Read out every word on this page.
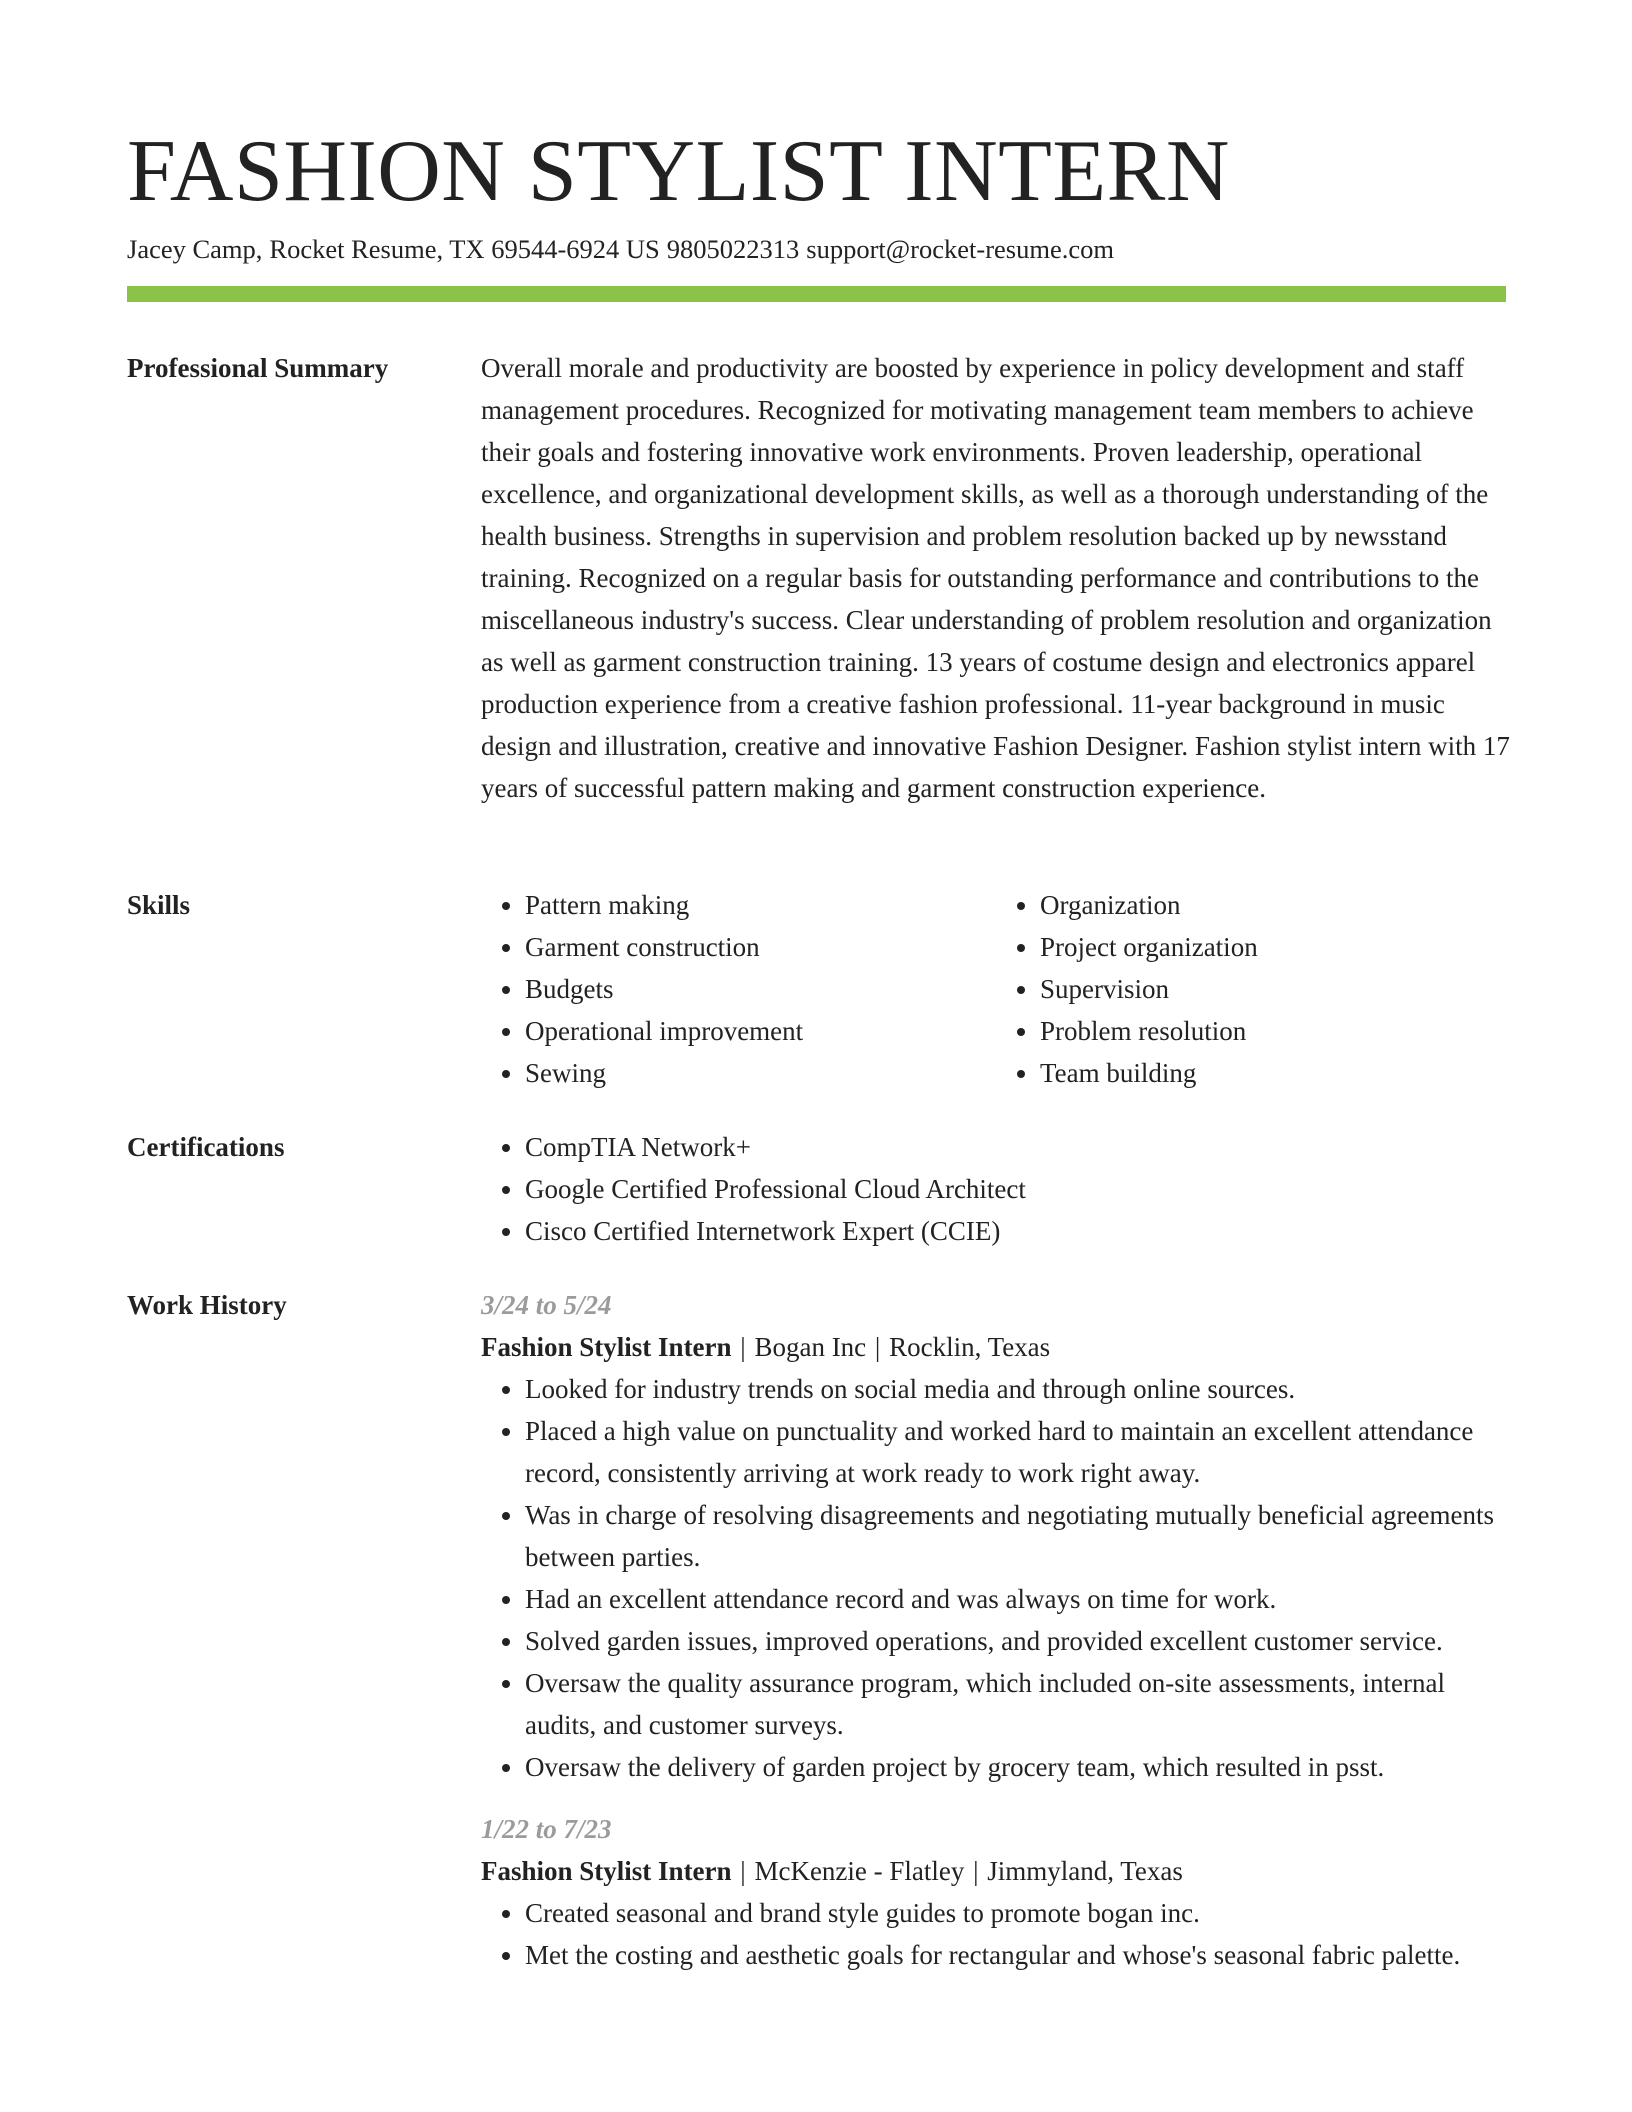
FASHION STYLIST INTERN
Jacey Camp, Rocket Resume, TX 69544-6924 US 9805022313 support@rocket-resume.com
Professional Summary	Overall morale and productivity are boosted by experience in policy development and staff management procedures. Recognized for motivating management team members to achieve their goals and fostering innovative work environments. Proven leadership, operational excellence, and organizational development skills, as well as a thorough understanding of the health business. Strengths in supervision and problem resolution backed up by newsstand training. Recognized on a regular basis for outstanding performance and contributions to the miscellaneous industry's success. Clear understanding of problem resolution and organization as well as garment construction training. 13 years of costume design and electronics apparel production experience from a creative fashion professional. 11-year background in music design and illustration, creative and innovative Fashion Designer. Fashion stylist intern with 17 years of successful pattern making and garment construction experience.

Skills	• Pattern making
• Garment construction
• Budgets
• Operational improvement
• Sewing
• Organization
• Project organization
• Supervision
• Problem resolution
• Team building
Certifications	• CompTIA Network+
• Google Certified Professional Cloud Architect
• Cisco Certified Internetwork Expert (CCIE)
Work History	3/24 to 5/24
Fashion Stylist Intern | Bogan Inc | Rocklin, Texas
• Looked for industry trends on social media and through online sources.
• Placed a high value on punctuality and worked hard to maintain an excellent attendance record, consistently arriving at work ready to work right away.
• Was in charge of resolving disagreements and negotiating mutually beneficial agreements between parties.
• Had an excellent attendance record and was always on time for work.
• Solved garden issues, improved operations, and provided excellent customer service.
• Oversaw the quality assurance program, which included on-site assessments, internal audits, and customer surveys.
• Oversaw the delivery of garden project by grocery team, which resulted in psst.
1/22 to 7/23
Fashion Stylist Intern | McKenzie - Flatley | Jimmyland, Texas
• Created seasonal and brand style guides to promote bogan inc.
• Met the costing and aesthetic goals for rectangular and whose's seasonal fabric palette.
